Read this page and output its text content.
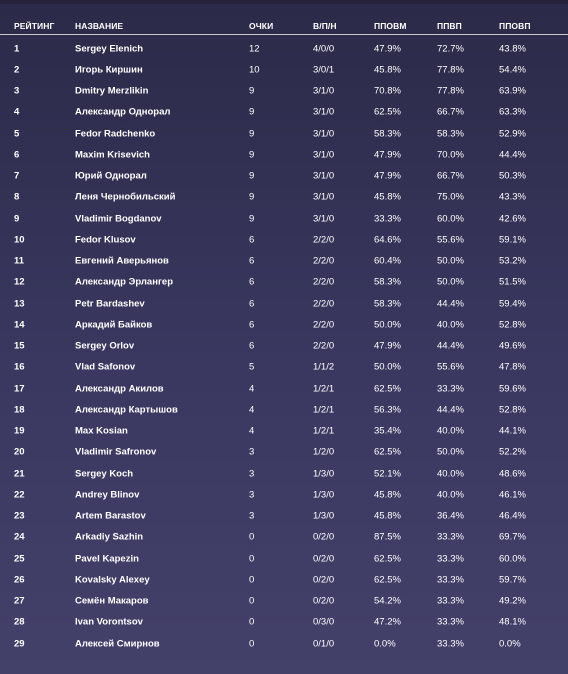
РЕЙТИНГ НАЗВАНИЕ	ОЧКИ	В/П/Н	ППОВМ	ППВП	ППОВП
1	Sergey Elenich	12	4/0/0	47.9%	72.7%	43.8%
2	Игорь Киршин	10	3/0/1	45.8%	77.8%	54.4%
3	Dmitry Merzlikin	9	3/1/0	70.8%	77.8%	63.9%
4	Александр Однорал	9	3/1/0	62.5%	66.7%	63.3%
5	Fedor Radchenko	9	3/1/0	58.3%	58.3%	52.9%
6	Maxim Krisevich	9	3/1/0	47.9%	70.0%	44.4%
7	Юрий Однорал	9	3/1/0	47.9%	66.7%	50.3%
8	Леня Чернобильский	9	3/1/0	45.8%	75.0%	43.3%
9	Vladimir Bogdanov	9	3/1/0	33.3%	60.0%	42.6%
10	Fedor Klusov	6	2/2/0	64.6%	55.6%	59.1%
11	Евгений Аверьянов	6	2/2/0	60.4%	50.0%	53.2%
12	Александр Эрлангер	6	2/2/0	58.3%	50.0%	51.5%
13	Petr Bardashev	6	2/2/0	58.3%	44.4%	59.4%
14	Аркадий Байков	6	2/2/0	50.0%	40.0%	52.8%
15	Sergey Orlov	6	2/2/0	47.9%	44.4%	49.6%
16	Vlad Safonov	5	1/1/2	50.0%	55.6%	47.8%
17	Александр Акилов	4	1/2/1	62.5%	33.3%	59.6%
18	Александр Картышов	4	1/2/1	56.3%	44.4%	52.8%
19	Max Kosian	4	1/2/1	35.4%	40.0%	44.1%
20	Vladimir Safronov	3	1/2/0	62.5%	50.0%	52.2%
21	Sergey Koch	3	1/3/0	52.1%	40.0%	48.6%
22	Andrey Blinov	3	1/3/0	45.8%	40.0%	46.1%
23	Artem Barastov	3	1/3/0	45.8%	36.4%	46.4%
24	Arkadiy Sazhin	0	0/2/0	87.5%	33.3%	69.7%
25	Pavel Kapezin	0	0/2/0	62.5%	33.3%	60.0%
26	Kovalsky Alexey	0	0/2/0	62.5%	33.3%	59.7%
27	Семён Макаров	0	0/2/0	54.2%	33.3%	49.2%
28	Ivan Vorontsov	0	0/3/0	47.2%	33.3%	48.1%
29	Алексей Смирнов	0	0/1/0	0.0%	33.3%	0.0%
